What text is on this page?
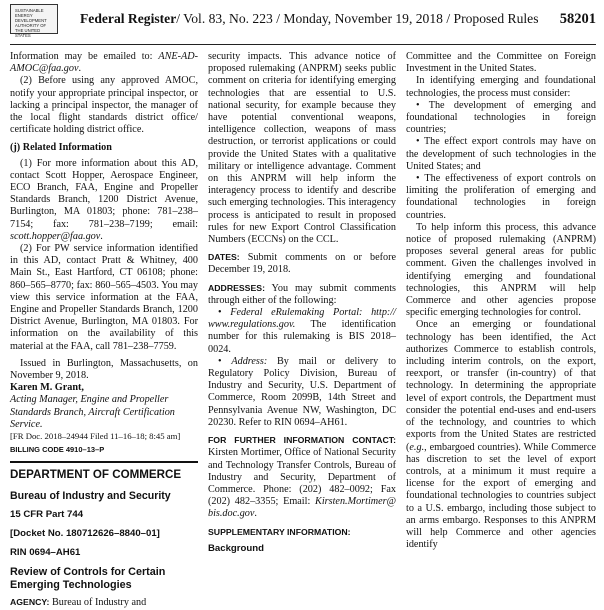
SUSTAINABLE ENERGY DEVELOPMENT AUTHORITY OF THE UNITED STATES
Federal Register/ Vol. 83, No. 223 / Monday, November 19, 2018 / Proposed Rules	58201

Information may be emailed to: ANE-AD-AMOC@faa.gov.

(2) Before using any approved AMOC, notify your appropriate principal inspector, or lacking a principal inspector, the manager of the local flight standards district office/ certificate holding district office.

(j) Related Information

(1) For more information about this AD, contact Scott Hopper, Aerospace Engineer, ECO Branch, FAA, Engine and Propeller Standards Branch, 1200 District Avenue, Burlington, MA 01803; phone: 781–238–7154; fax: 781–238–7199; email: scott.hopper@faa.gov.

(2) For PW service information identified in this AD, contact Pratt & Whitney, 400 Main St., East Hartford, CT 06108; phone: 860–565–8770; fax: 860–565–4503. You may view this service information at the FAA, Engine and Propeller Standards Branch, 1200 District Avenue, Burlington, MA 01803. For information on the availability of this material at the FAA, call 781–238–7759.

Issued in Burlington, Massachusetts, on November 9, 2018.

Karen M. Grant,
Acting Manager, Engine and Propeller Standards Branch, Aircraft Certification Service.
[FR Doc. 2018–24944 Filed 11–16–18; 8:45 am]
BILLING CODE 4910–13–P
DEPARTMENT OF COMMERCE
Bureau of Industry and Security
15 CFR Part 744
[Docket No. 180712626–8840–01]
RIN 0694–AH61
Review of Controls for Certain Emerging Technologies
AGENCY: Bureau of Industry and

security impacts. This advance notice of proposed rulemaking (ANPRM) seeks public comment on criteria for identifying emerging technologies that are essential to U.S. national security, for example because they have potential conventional weapons, intelligence collection, weapons of mass destruction, or terrorist applications or could provide the United States with a qualitative military or intelligence advantage. Comment on this ANPRM will help inform the interagency process to identify and describe such emerging technologies. This interagency process is anticipated to result in proposed rules for new Export Control Classification Numbers (ECCNs) on the CCL.

DATES: Submit comments on or before December 19, 2018.

ADDRESSES: You may submit comments through either of the following:

• Federal eRulemaking Portal: http:// www.regulations.gov. The identification number for this rulemaking is BIS 2018–0024.

• Address: By mail or delivery to Regulatory Policy Division, Bureau of Industry and Security, U.S. Department of Commerce, Room 2099B, 14th Street and Pennsylvania Avenue NW, Washington, DC 20230. Refer to RIN 0694–AH61.

FOR FURTHER INFORMATION CONTACT: Kirsten Mortimer, Office of National Security and Technology Transfer Controls, Bureau of Industry and Security, Department of Commerce. Phone: (202) 482–0092; Fax (202) 482–3355; Email: Kirsten.Mortimer@ bis.doc.gov.

SUPPLEMENTARY INFORMATION:
Background

Committee and the Committee on Foreign Investment in the United States.

In identifying emerging and foundational technologies, the process must consider:

• The development of emerging and foundational technologies in foreign countries;

• The effect export controls may have on the development of such technologies in the United States; and

• The effectiveness of export controls on limiting the proliferation of emerging and foundational technologies in foreign countries.

To help inform this process, this advance notice of proposed rulemaking (ANPRM) proposes several general areas for public comment. Given the challenges involved in identifying emerging and foundational technologies, this ANPRM will help Commerce and other agencies propose specific emerging technologies for control.

Once an emerging or foundational technology has been identified, the Act authorizes Commerce to establish controls, including interim controls, on the export, reexport, or transfer (in-country) of that technology. In determining the appropriate level of export controls, the Department must consider the potential end-uses and end-users of the technology, and countries to which exports from the United States are restricted (e.g., embargoed countries). While Commerce has discretion to set the level of export controls, at a minimum it must require a license for the export of emerging and foundational technologies to countries subject to a U.S. embargo, including those subject to an arms embargo. Responses to this ANPRM will help Commerce and other agencies identify
